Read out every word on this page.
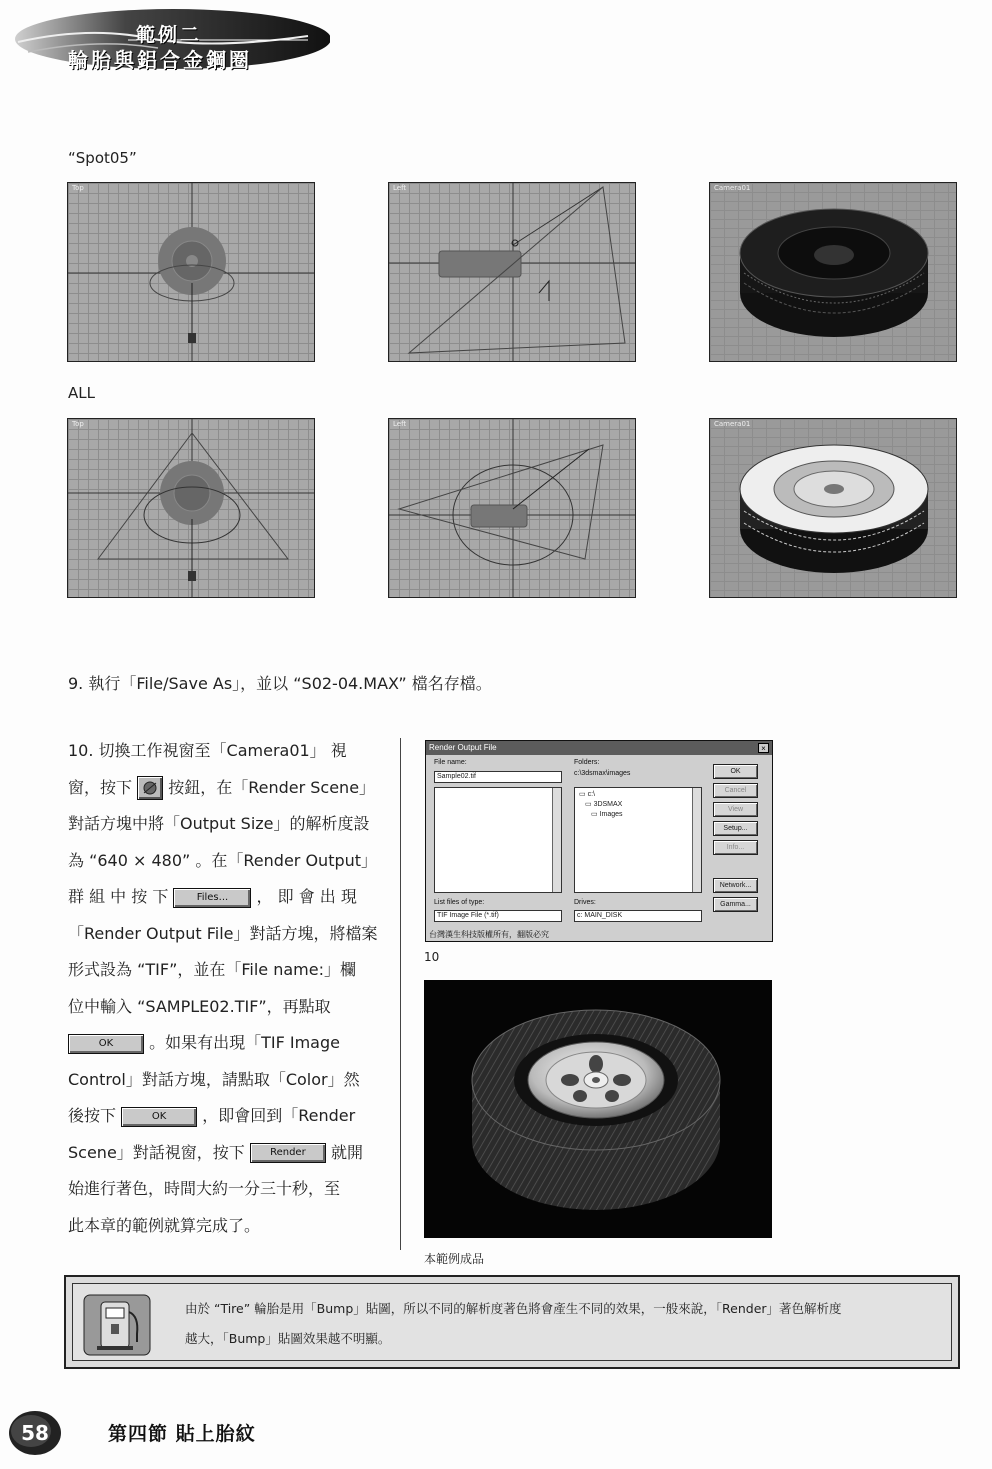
範例二
輪胎與鋁合金鋼圈
“Spot05”
Top	Left	Camera01
ALL
Top	Left	Camera01
9. 執行「File/Save As」，並以 “S02-04.MAX” 檔名存檔。
10. 切換工作視窗至「Camera01」 視
窗，按下 按鈕，在「Render Scene」
對話方塊中將「Output Size」的解析度設
為 “640 × 480” 。在「Render Output」
群 組 中 按 下	Files... ， 即 會 出 現
「Render Output File」對話方塊，將檔案
形式設為 “TIF”，並在「File name:」欄
位中輸入 “SAMPLE02.TIF”，再點取
OK 。如果有出現「TIF Image
Control」對話方塊，請點取「Color」然
後按下	OK ，即會回到「Render
Scene」對話視窗，按下	Render 就開
始進行著色，時間大約一分三十秒，至
此本章的範例就算完成了。
Render Output File	×
File name:
Sample02.tif
Folders:
c:\3dsmax\images
▭ c:\
▭ 3DSMAX
▭ Images
List files of type:
TIF Image File (*.tif)
Drives:
c: MAIN_DISK
OK
Cancel
View
Setup...
Info...
Network...
Gamma...
台灣漢生科技版權所有，翻版必究
10
本範例成品
由於 “Tire” 輪胎是用「Bump」貼圖，所以不同的解析度著色將會產生不同的效果，一般來說，「Render」著色解析度
越大，「Bump」貼圖效果越不明顯。
58	第四節 貼上胎紋
